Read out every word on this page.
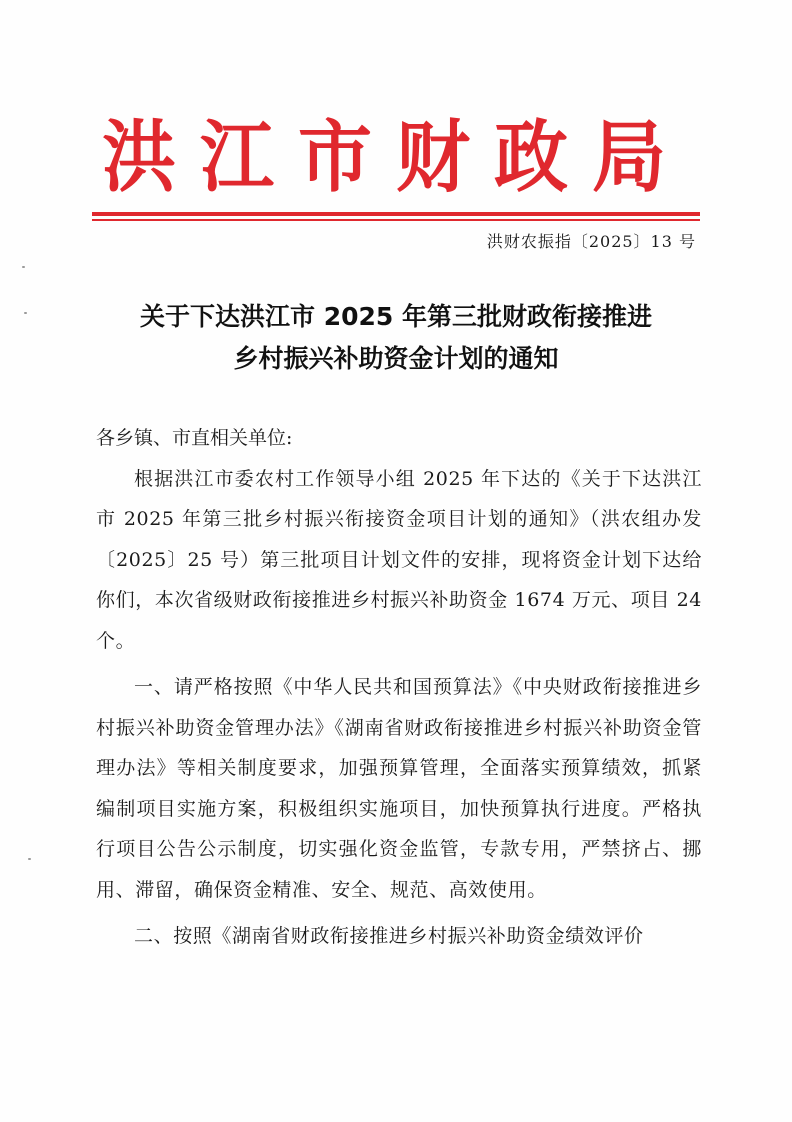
洪江市财政局
洪财农振指〔2025〕13 号
关于下达洪江市 2025 年第三批财政衔接推进
乡村振兴补助资金计划的通知

各乡镇、市直相关单位:

根据洪江市委农村工作领导小组 2025 年下达的《关于下达洪江市 2025 年第三批乡村振兴衔接资金项目计划的通知》（洪农组办发〔2025〕25 号）第三批项目计划文件的安排，现将资金计划下达给你们，本次省级财政衔接推进乡村振兴补助资金 1674 万元、项目 24 个。

一、请严格按照《中华人民共和国预算法》《中央财政衔接推进乡村振兴补助资金管理办法》《湖南省财政衔接推进乡村振兴补助资金管理办法》等相关制度要求，加强预算管理，全面落实预算绩效，抓紧编制项目实施方案，积极组织实施项目，加快预算执行进度。严格执行项目公告公示制度，切实强化资金监管，专款专用，严禁挤占、挪用、滞留，确保资金精准、安全、规范、高效使用。

二、按照《湖南省财政衔接推进乡村振兴补助资金绩效评价
